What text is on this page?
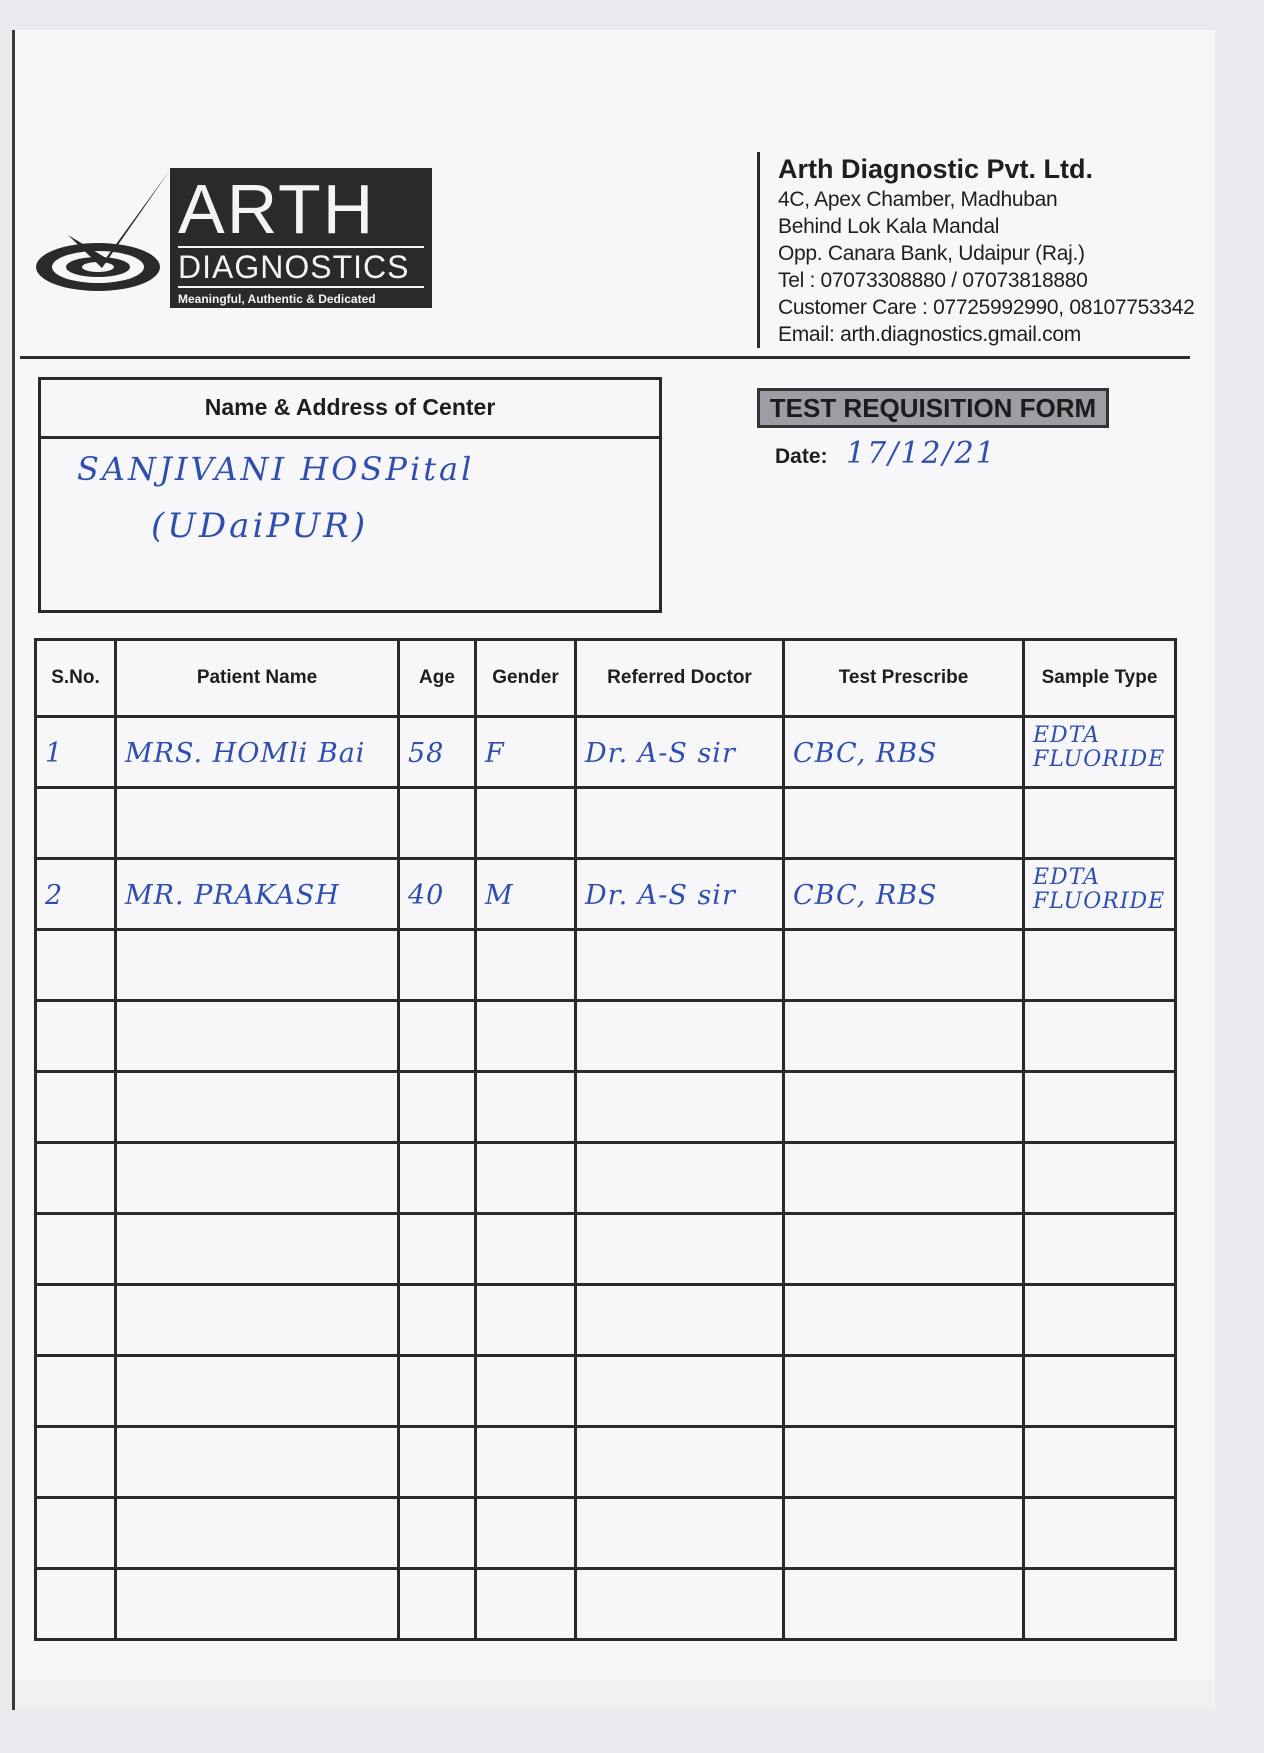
ARTH
DIAGNOSTICS
Meaningful, Authentic & Dedicated
Arth Diagnostic Pvt. Ltd.
4C, Apex Chamber, Madhuban
Behind Lok Kala Mandal
Opp. Canara Bank, Udaipur (Raj.)
Tel : 07073308880 / 07073818880
Customer Care : 07725992990, 08107753342
Email: arth.diagnostics.gmail.com
Name & Address of Center
SANJIVANI HOSPital
(UDaiPUR)
TEST REQUISITION FORM
Date: 17/12/21
S.No.	Patient Name	Age	Gender	Referred Doctor	Test Prescribe	Sample Type

1	MRS. HOMli Bai	58	F	Dr. A-S sir	CBC, RBS	EDTA FLUORIDE

2	MR. PRAKASH	40	M	Dr. A-S sir	CBC, RBS	EDTA FLUORIDE
